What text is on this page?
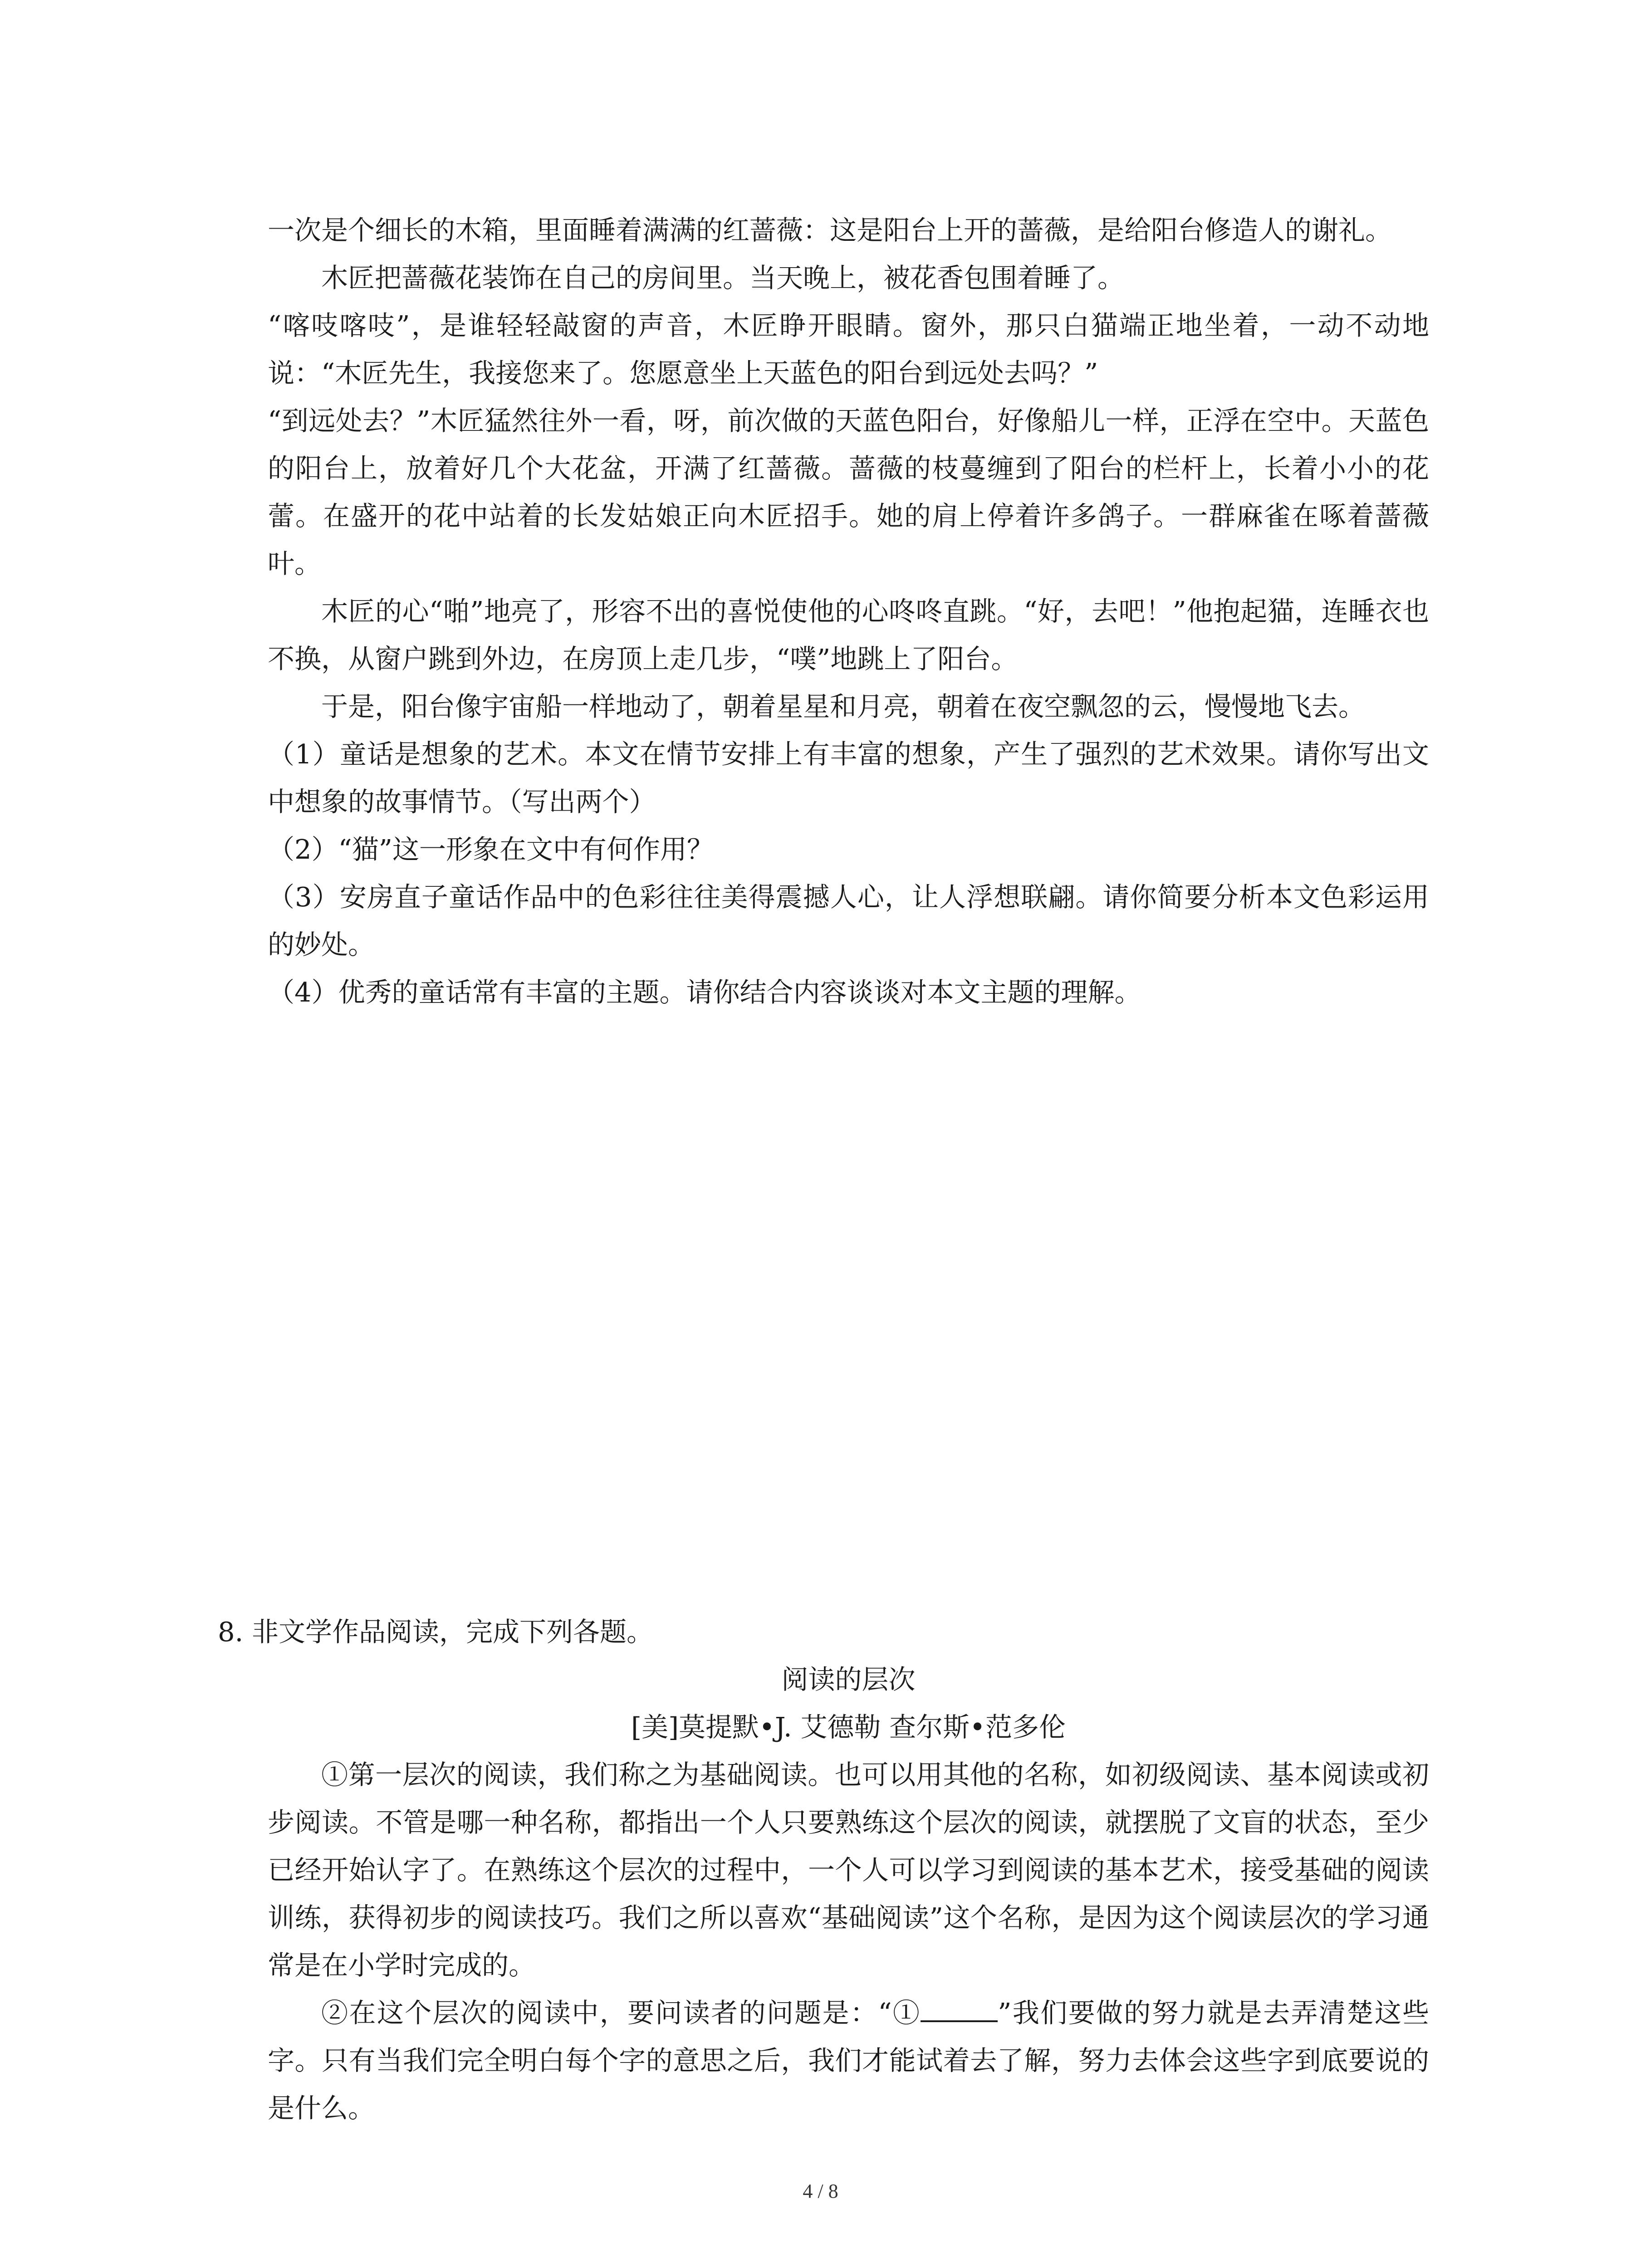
一次是个细长的木箱，里面睡着满满的红蔷薇：这是阳台上开的蔷薇，是给阳台修造人的谢礼。

木匠把蔷薇花装饰在自己的房间里。当天晚上，被花香包围着睡了。

“喀吱喀吱”，是谁轻轻敲窗的声音，木匠睁开眼睛。窗外，那只白猫端正地坐着，一动不动地说：“木匠先生，我接您来了。您愿意坐上天蓝色的阳台到远处去吗？”

“到远处去？”木匠猛然往外一看，呀，前次做的天蓝色阳台，好像船儿一样，正浮在空中。天蓝色的阳台上，放着好几个大花盆，开满了红蔷薇。蔷薇的枝蔓缠到了阳台的栏杆上，长着小小的花蕾。在盛开的花中站着的长发姑娘正向木匠招手。她的肩上停着许多鸽子。一群麻雀在啄着蔷薇叶。

木匠的心“啪”地亮了，形容不出的喜悦使他的心咚咚直跳。“好，去吧！”他抱起猫，连睡衣也不换，从窗户跳到外边，在房顶上走几步，“噗”地跳上了阳台。

于是，阳台像宇宙船一样地动了，朝着星星和月亮，朝着在夜空飘忽的云，慢慢地飞去。

（1）童话是想象的艺术。本文在情节安排上有丰富的想象，产生了强烈的艺术效果。请你写出文中想象的故事情节。（写出两个）

（2）“猫”这一形象在文中有何作用？

（3）安房直子童话作品中的色彩往往美得震撼人心，让人浮想联翩。请你简要分析本文色彩运用的妙处。

（4）优秀的童话常有丰富的主题。请你结合内容谈谈对本文主题的理解。

8. 非文学作品阅读，完成下列各题。

阅读的层次

[美]莫提默•J. 艾德勒 查尔斯•范多伦

①第一层次的阅读，我们称之为基础阅读。也可以用其他的名称，如初级阅读、基本阅读或初步阅读。不管是哪一种名称，都指出一个人只要熟练这个层次的阅读，就摆脱了文盲的状态，至少已经开始认字了。在熟练这个层次的过程中，一个人可以学习到阅读的基本艺术，接受基础的阅读训练，获得初步的阅读技巧。我们之所以喜欢“基础阅读”这个名称，是因为这个阅读层次的学习通常是在小学时完成的。

②在这个层次的阅读中，要问读者的问题是：“①	”我们要做的努力就是去弄清楚这些字。只有当我们完全明白每个字的意思之后，我们才能试着去了解，努力去体会这些字到底要说的是什么。

4 / 8
